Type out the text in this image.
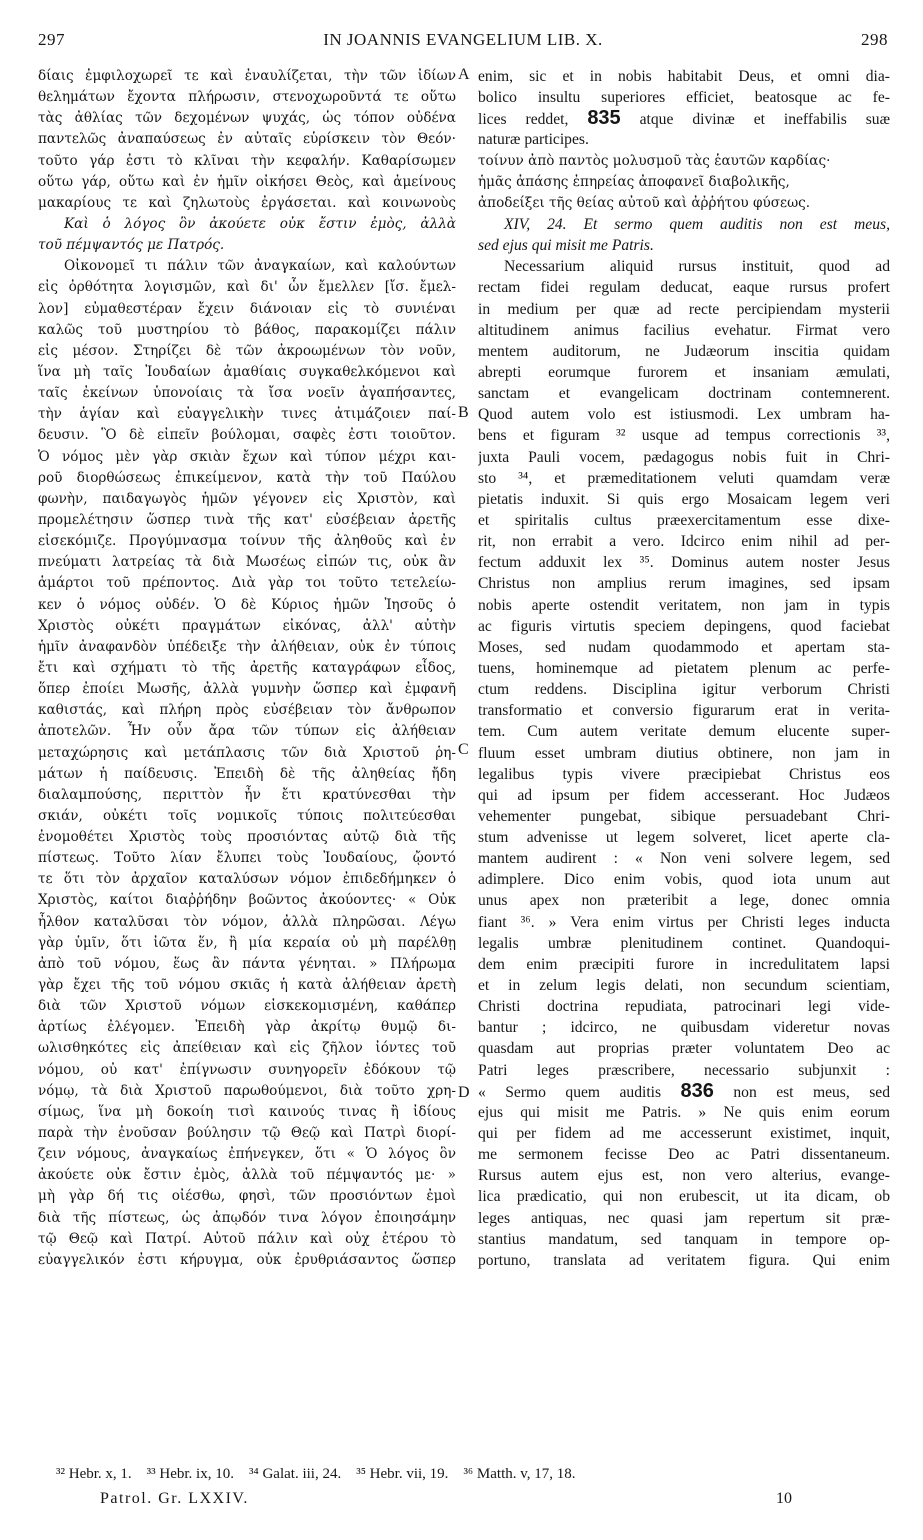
297	IN JOANNIS EVANGELIUM LIB. X.	298
δίαις ἐμφιλοχωρεῖ τε καὶ ἐναυλίζεται, τὴν τῶν ἰδίων
θελημάτων ἔχοντα πλήρωσιν, στενοχωροῦντά τε οὕτω
τὰς ἀθλίας τῶν δεχομένων ψυχάς, ὡς τόπον οὐδένα
παντελῶς ἀναπαύσεως ἐν αὐταῖς εὑρίσκειν τὸν Θεόν·
τοῦτο γάρ ἐστι τὸ κλῖναι τὴν κεφαλήν. Καθαρίσωμεν
οὕτω γάρ, οὕτω καὶ ἐν ἡμῖν οἰκήσει Θεὸς, καὶ ἀμείνους
μακαρίους τε καὶ ζηλωτοὺς ἐργάσεται. καὶ κοινωνοὺς
Καὶ ὁ λόγος ὃν ἀκούετε οὐκ ἔστιν ἐμὸς, ἀλλὰ
τοῦ πέμψαντός με Πατρός.
Οἰκονομεῖ τι πάλιν τῶν ἀναγκαίων, καὶ καλούντων
εἰς ὀρθότητα λογισμῶν, καὶ δι' ὧν ἔμελλεν [ἴσ. ἔμελ-
λον] εὐμαθεστέραν ἔχειν διάνοιαν εἰς τὸ συνιέναι
καλῶς τοῦ μυστηρίου τὸ βάθος, παρακομίζει πάλιν
εἰς μέσον. Στηρίζει δὲ τῶν ἀκροωμένων τὸν νοῦν,
ἵνα μὴ ταῖς Ἰουδαίων ἀμαθίαις συγκαθελκόμενοι καὶ
ταῖς ἐκείνων ὑπονοίαις τὰ ἴσα νοεῖν ἀγαπήσαντες,
τὴν ἁγίαν καὶ εὐαγγελικὴν τινες ἀτιμάζοιεν παί-
δευσιν. Ὃ δὲ εἰπεῖν βούλομαι, σαφὲς ἐστι τοιοῦτον.
Ὁ νόμος μὲν γὰρ σκιὰν ἔχων καὶ τύπον μέχρι και-
ροῦ διορθώσεως ἐπικείμενον, κατὰ τὴν τοῦ Παύλου
φωνὴν, παιδαγωγὸς ἡμῶν γέγονεν εἰς Χριστὸν, καὶ
προμελέτησιν ὥσπερ τινὰ τῆς κατ' εὐσέβειαν ἀρετῆς
εἰσεκόμιζε. Προγύμνασμα τοίνυν τῆς ἀληθοῦς καὶ ἐν
πνεύματι λατρείας τὰ διὰ Μωσέως εἰπών τις, οὐκ ἂν
ἁμάρτοι τοῦ πρέποντος. Διὰ γὰρ τοι τοῦτο τετελείω-
κεν ὁ νόμος οὐδέν. Ὁ δὲ Κύριος ἡμῶν Ἰησοῦς ὁ
Χριστὸς οὐκέτι πραγμάτων εἰκόνας, ἀλλ' αὐτὴν
ἡμῖν ἀναφανδὸν ὑπέδειξε τὴν ἀλήθειαν, οὐκ ἐν τύποις
ἔτι καὶ σχήματι τὸ τῆς ἀρετῆς καταγράφων εἶδος,
ὅπερ ἐποίει Μωσῆς, ἀλλὰ γυμνὴν ὥσπερ καὶ ἐμφανῆ
καθιστάς, καὶ πλήρη πρὸς εὐσέβειαν τὸν ἄνθρωπον
ἀποτελῶν. Ἦν οὖν ἄρα τῶν τύπων εἰς ἀλήθειαν
μεταχώρησις καὶ μετάπλασις τῶν διὰ Χριστοῦ ῥη-
μάτων ἡ παίδευσις. Ἐπειδὴ δὲ τῆς ἀληθείας ἤδη
διαλαμπούσης, περιττὸν ἦν ἔτι κρατύνεσθαι τὴν
σκιάν, οὐκέτι τοῖς νομικοῖς τύποις πολιτεύεσθαι
ἐνομοθέτει Χριστὸς τοὺς προσιόντας αὐτῷ διὰ τῆς
πίστεως. Τοῦτο λίαν ἔλυπει τοὺς Ἰουδαίους, ᾤοντό
τε ὅτι τὸν ἀρχαῖον καταλύσων νόμον ἐπιδεδήμηκεν ὁ
Χριστὸς, καίτοι διαῤῥήδην βοῶντος ἀκούοντες· « Οὐκ
ἦλθον καταλῦσαι τὸν νόμον, ἀλλὰ πληρῶσαι. Λέγω
γὰρ ὑμῖν, ὅτι ἰῶτα ἕν, ἢ μία κεραία οὐ μὴ παρέλθῃ
ἀπὸ τοῦ νόμου, ἕως ἂν πάντα γένηται. » Πλήρωμα
γὰρ ἔχει τῆς τοῦ νόμου σκιᾶς ἡ κατὰ ἀλήθειαν ἀρετὴ
διὰ τῶν Χριστοῦ νόμων εἰσκεκομισμένη, καθάπερ
ἀρτίως ἐλέγομεν. Ἐπειδὴ γὰρ ἀκρίτῳ θυμῷ δι-
ωλισθηκότες εἰς ἀπείθειαν καὶ εἰς ζῆλον ἰόντες τοῦ
νόμου, οὐ κατ' ἐπίγνωσιν συνηγορεῖν ἐδόκουν τῷ
νόμῳ, τὰ διὰ Χριστοῦ παρωθούμενοι, διὰ τοῦτο χρη-
σίμως, ἵνα μὴ δοκοίη τισὶ καινούς τινας ἢ ἰδίους
παρὰ τὴν ἐνοῦσαν βούλησιν τῷ Θεῷ καὶ Πατρὶ διορί-
ζειν νόμους, ἀναγκαίως ἐπήνεγκεν, ὅτι « Ὁ λόγος ὃν
ἀκούετε οὐκ ἔστιν ἐμὸς, ἀλλὰ τοῦ πέμψαντός με· »
μὴ γὰρ δή τις οἰέσθω, φησὶ, τῶν προσιόντων ἐμοὶ
διὰ τῆς πίστεως, ὡς ἀπῳδόν τινα λόγον ἐποιησάμην
τῷ Θεῷ καὶ Πατρί. Αὐτοῦ πάλιν καὶ οὐχ ἑτέρου τὸ
εὐαγγελικόν ἐστι κήρυγμα, οὐκ ἐρυθριάσαντος ὥσπερ
enim, sic et in nobis habitabit Deus, et omni dia-
bolico insultu superiores efficiet, beatosque ac fe-
lices reddet, 835 atque divinæ et ineffabilis suæ
naturæ participes.
τοίνυν ἀπὸ παντὸς μολυσμοῦ τὰς ἑαυτῶν καρδίας·
ἡμᾶς ἁπάσης ἐπηρείας ἀποφανεῖ διαβολικῆς,
ἀποδείξει τῆς θείας αὐτοῦ καὶ ἀῤῥήτου φύσεως.
XIV, 24. Et sermo quem auditis non est meus,
sed ejus qui misit me Patris.
Necessarium aliquid rursus instituit, quod ad
rectam fidei regulam deducat, eaque rursus profert
in medium per quæ ad recte percipiendam mysterii
altitudinem animus facilius evehatur. Firmat vero
mentem auditorum, ne Judæorum inscitia quidam
abrepti eorumque furorem et insaniam æmulati,
sanctam et evangelicam doctrinam contemnerent.
Quod autem volo est istiusmodi. Lex umbram ha-
bens et figuram ³² usque ad tempus correctionis ³³,
juxta Pauli vocem, pædagogus nobis fuit in Chri-
sto ³⁴, et præmeditationem veluti quamdam veræ
pietatis induxit. Si quis ergo Mosaicam legem veri
et spiritalis cultus præexercitamentum esse dixe-
rit, non errabit a vero. Idcirco enim nihil ad per-
fectum adduxit lex ³⁵. Dominus autem noster Jesus
Christus non amplius rerum imagines, sed ipsam
nobis aperte ostendit veritatem, non jam in typis
ac figuris virtutis speciem depingens, quod faciebat
Moses, sed nudam quodammodo et apertam sta-
tuens, hominemque ad pietatem plenum ac perfe-
ctum reddens. Disciplina igitur verborum Christi
transformatio et conversio figurarum erat in verita-
tem. Cum autem veritate demum elucente super-
fluum esset umbram diutius obtinere, non jam in
legalibus typis vivere præcipiebat Christus eos
qui ad ipsum per fidem accesserant. Hoc Judæos
vehementer pungebat, sibique persuadebant Chri-
stum advenisse ut legem solveret, licet aperte cla-
mantem audirent : « Non veni solvere legem, sed
adimplere. Dico enim vobis, quod iota unum aut
unus apex non præteribit a lege, donec omnia
fiant ³⁶. » Vera enim virtus per Christi leges inducta
legalis umbræ plenitudinem continet. Quandoqui-
dem enim præcipiti furore in incredulitatem lapsi
et in zelum legis delati, non secundum scientiam,
Christi doctrina repudiata, patrocinari legi vide-
bantur ; idcirco, ne quibusdam videretur novas
quasdam aut proprias præter voluntatem Deo ac
Patri leges præscribere, necessario subjunxit :
« Sermo quem auditis 836 non est meus, sed
ejus qui misit me Patris. » Ne quis enim eorum
qui per fidem ad me accesserunt existimet, inquit,
me sermonem fecisse Deo ac Patri dissentaneum.
Rursus autem ejus est, non vero alterius, evange-
lica prædicatio, qui non erubescit, ut ita dicam, ob
leges antiquas, nec quasi jam repertum sit præ-
stantius mandatum, sed tanquam in tempore op-
portuno, translata ad veritatem figura. Qui enim
A
B
C
D
³² Hebr. x, 1. ³³ Hebr. ix, 10. ³⁴ Galat. iii, 24. ³⁵ Hebr. vii, 19. ³⁶ Matth. v, 17, 18.
Patrol. Gr. LXXIV.	10
